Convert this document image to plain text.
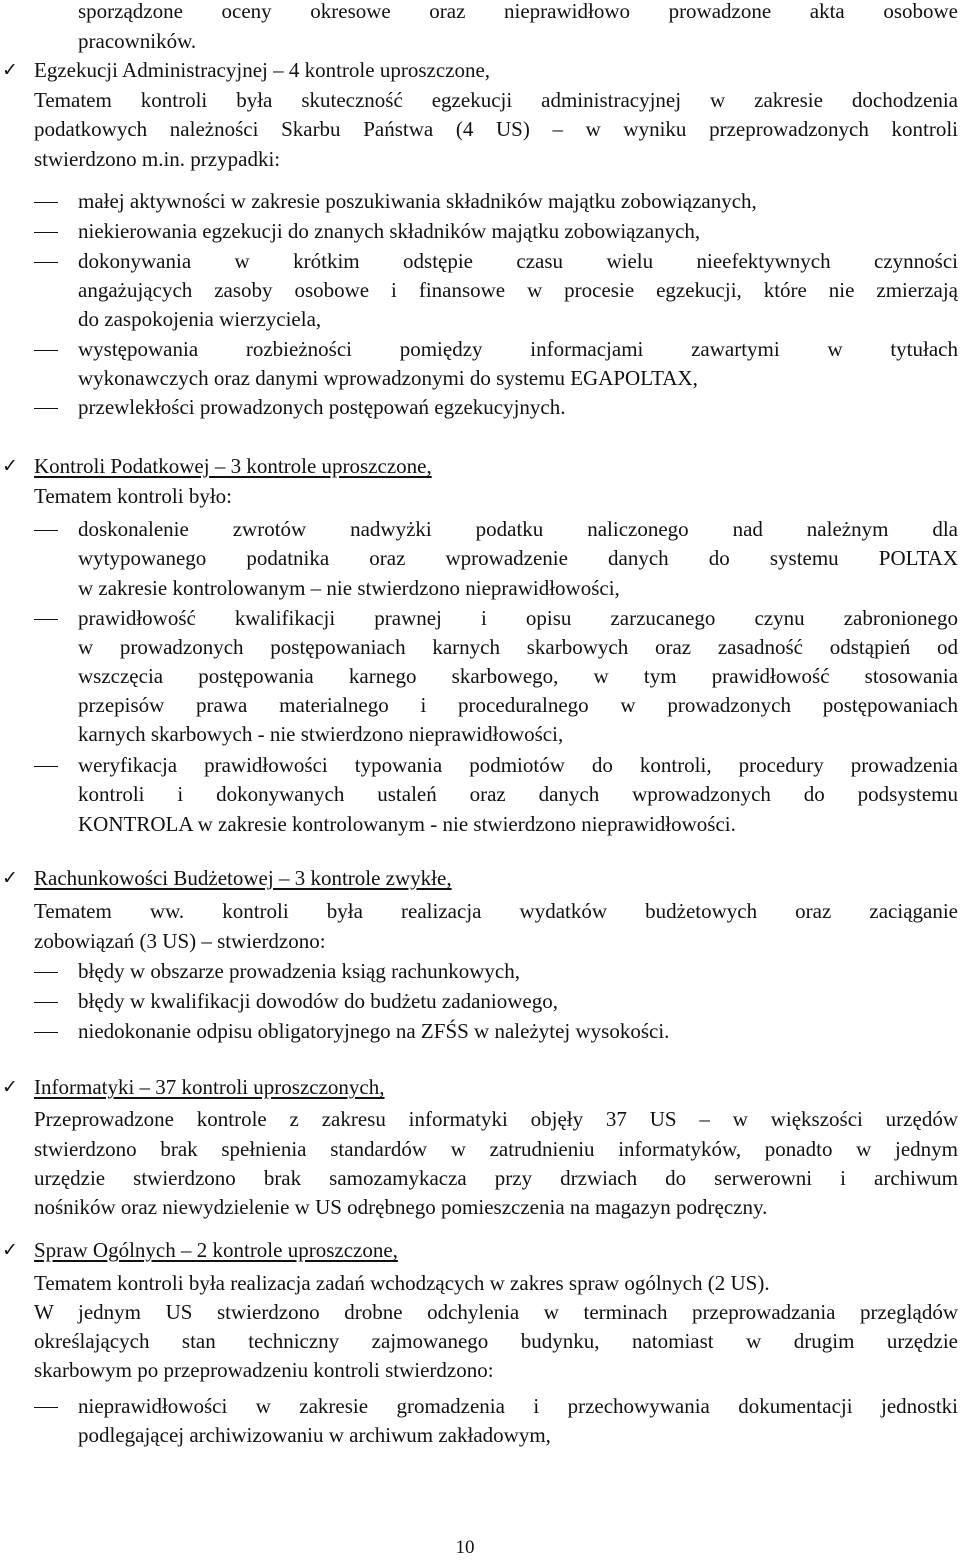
sporządzone oceny okresowe oraz nieprawidłowo prowadzone akta osobowe
pracowników.
✓ Egzekucji Administracyjnej – 4 kontrole uproszczone,
Tematem kontroli była skuteczność egzekucji administracyjnej w zakresie dochodzenia
podatkowych należności Skarbu Państwa (4 US) – w wyniku przeprowadzonych kontroli
stwierdzono m.in. przypadki:
małej aktywności w zakresie poszukiwania składników majątku zobowiązanych,
niekierowania egzekucji do znanych składników majątku zobowiązanych,
dokonywania w krótkim odstępie czasu wielu nieefektywnych czynności
angażujących zasoby osobowe i finansowe w procesie egzekucji, które nie zmierzają
do zaspokojenia wierzyciela,
występowania rozbieżności pomiędzy informacjami zawartymi w tytułach
wykonawczych oraz danymi wprowadzonymi do systemu EGAPOLTAX,
przewlekłości prowadzonych postępowań egzekucyjnych.
✓ Kontroli Podatkowej – 3 kontrole uproszczone,
Tematem kontroli było:
doskonalenie zwrotów nadwyżki podatku naliczonego nad należnym dla
wytypowanego podatnika oraz wprowadzenie danych do systemu POLTAX
w zakresie kontrolowanym – nie stwierdzono nieprawidłowości,
prawidłowość kwalifikacji prawnej i opisu zarzucanego czynu zabronionego
w prowadzonych postępowaniach karnych skarbowych oraz zasadność odstąpień od
wszczęcia postępowania karnego skarbowego, w tym prawidłowość stosowania
przepisów prawa materialnego i proceduralnego w prowadzonych postępowaniach
karnych skarbowych - nie stwierdzono nieprawidłowości,
weryfikacja prawidłowości typowania podmiotów do kontroli, procedury prowadzenia
kontroli i dokonywanych ustaleń oraz danych wprowadzonych do podsystemu
KONTROLA w zakresie kontrolowanym - nie stwierdzono nieprawidłowości.
✓ Rachunkowości Budżetowej – 3 kontrole zwykłe,
Tematem ww. kontroli była realizacja wydatków budżetowych oraz zaciąganie
zobowiązań (3 US) – stwierdzono:
błędy w obszarze prowadzenia ksiąg rachunkowych,
błędy w kwalifikacji dowodów do budżetu zadaniowego,
niedokonanie odpisu obligatoryjnego na ZFŚS w należytej wysokości.
✓ Informatyki – 37 kontroli uproszczonych,
Przeprowadzone kontrole z zakresu informatyki objęły 37 US – w większości urzędów
stwierdzono brak spełnienia standardów w zatrudnieniu informatyków, ponadto w jednym
urzędzie stwierdzono brak samozamykacza przy drzwiach do serwerowni i archiwum
nośników oraz niewydzielenie w US odrębnego pomieszczenia na magazyn podręczny.
✓ Spraw Ogólnych – 2 kontrole uproszczone,
Tematem kontroli była realizacja zadań wchodzących w zakres spraw ogólnych (2 US).
W jednym US stwierdzono drobne odchylenia w terminach przeprowadzania przeglądów
określających stan techniczny zajmowanego budynku, natomiast w drugim urzędzie
skarbowym po przeprowadzeniu kontroli stwierdzono:
nieprawidłowości w zakresie gromadzenia i przechowywania dokumentacji jednostki
podlegającej archiwizowaniu w archiwum zakładowym,
10
